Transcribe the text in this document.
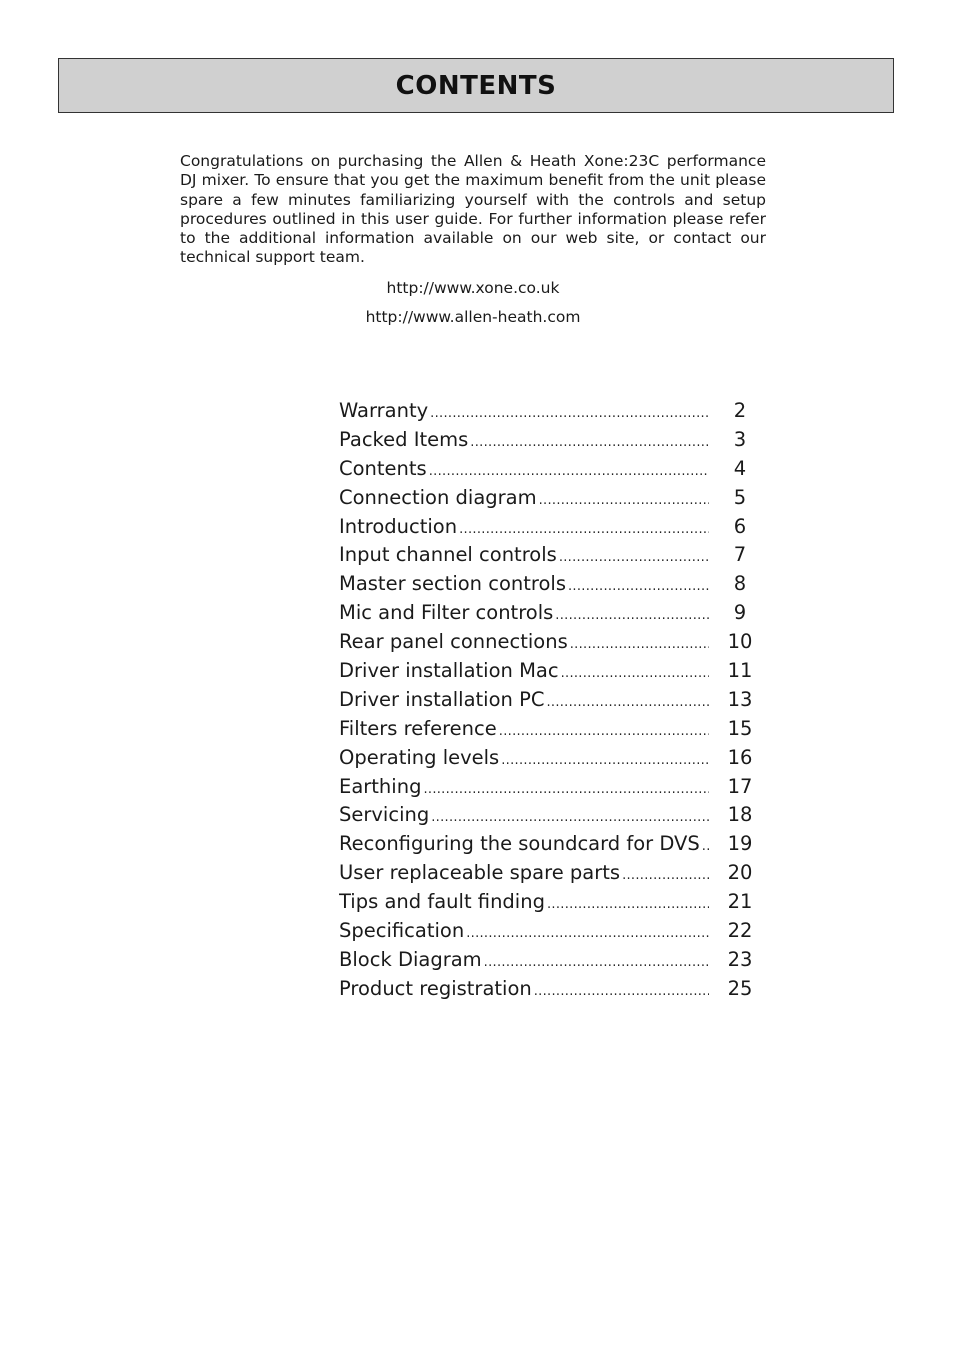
CONTENTS

Congratulations on purchasing the Allen & Heath Xone:23C performance DJ mixer. To ensure that you get the maximum benefit from the unit please spare a few minutes familiarizing yourself with the controls and setup procedures outlined in this user guide. For further information please refer to the additional information available on our web site, or contact our technical support team.

http://www.xone.co.uk
http://www.allen-heath.com
Warranty .....	2
Packed Items .....	3
Contents .....	4
Connection diagram .....	5
Introduction .....	6
Input channel controls .....	7
Master section controls .....	8
Mic and Filter controls .....	9
Rear panel connections .....	10
Driver installation Mac .....	11
Driver installation PC .....	13
Filters reference .....	15
Operating levels .....	16
Earthing .....	17
Servicing .....	18
Reconfiguring the soundcard for DVS .....	19
User replaceable spare parts .....	20
Tips and fault finding .....	21
Specification .....	22
Block Diagram .....	23
Product registration .....	25
